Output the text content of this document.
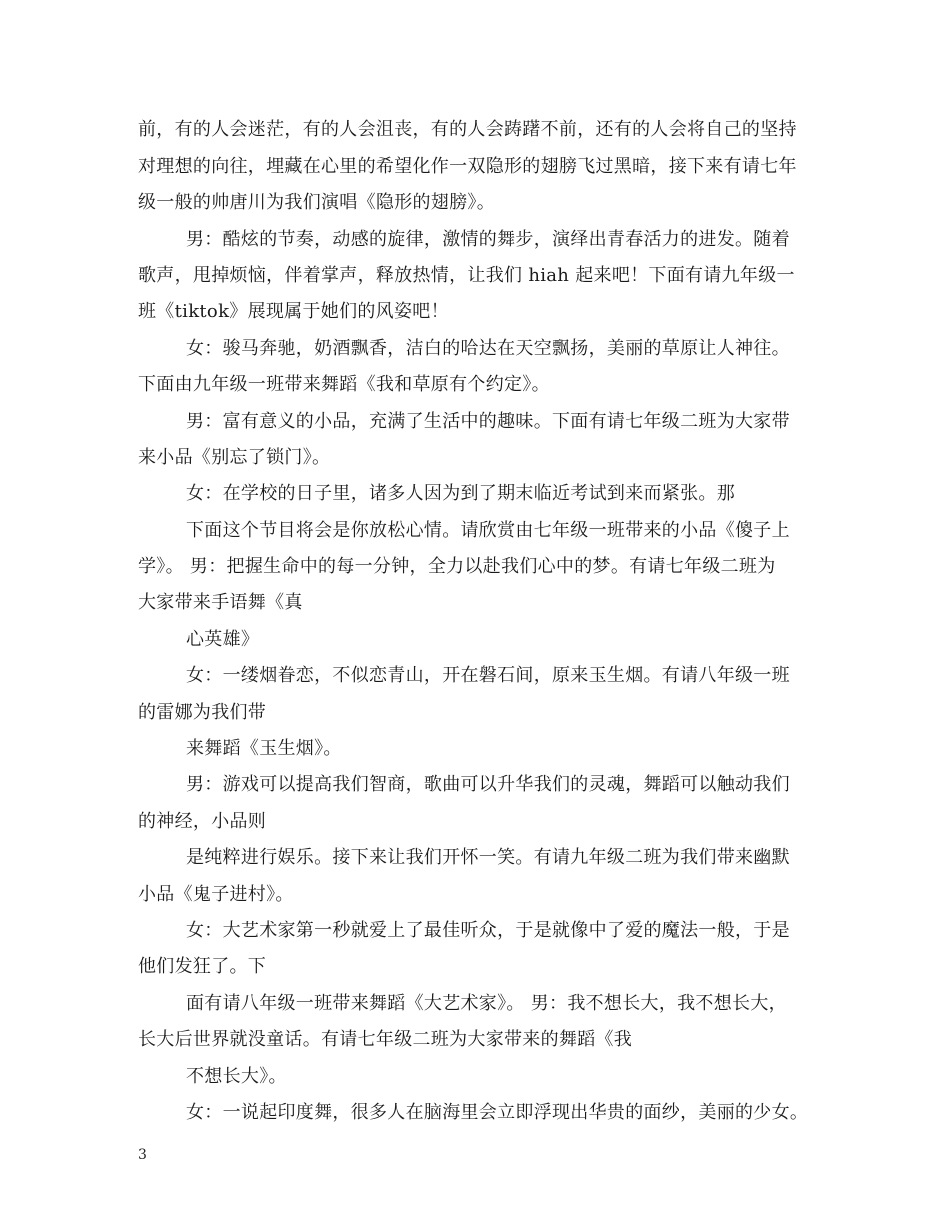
前，有的人会迷茫，有的人会沮丧，有的人会踌躇不前，还有的人会将自己的坚持
对理想的向往，埋藏在心里的希望化作一双隐形的翅膀飞过黑暗，接下来有请七年
级一般的帅唐川为我们演唱《隐形的翅膀》。
男：酷炫的节奏，动感的旋律，激情的舞步，演绎出青春活力的进发。随着
歌声，甩掉烦恼，伴着掌声，释放热情，让我们 hiah 起来吧！下面有请九年级一
班《tiktok》展现属于她们的风姿吧！
女：骏马奔驰，奶酒飘香，洁白的哈达在天空飘扬，美丽的草原让人神往。
下面由九年级一班带来舞蹈《我和草原有个约定》。
男：富有意义的小品，充满了生活中的趣味。下面有请七年级二班为大家带
来小品《别忘了锁门》。
女：在学校的日子里，诸多人因为到了期末临近考试到来而紧张。那
下面这个节目将会是你放松心情。请欣赏由七年级一班带来的小品《傻子上
学》。 男：把握生命中的每一分钟，全力以赴我们心中的梦。有请七年级二班为
大家带来手语舞《真
心英雄》
女：一缕烟眷恋，不似恋青山，开在磐石间，原来玉生烟。有请八年级一班
的雷娜为我们带
来舞蹈《玉生烟》。
男：游戏可以提高我们智商，歌曲可以升华我们的灵魂，舞蹈可以触动我们
的神经，小品则
是纯粹进行娱乐。接下来让我们开怀一笑。有请九年级二班为我们带来幽默
小品《鬼子进村》。
女：大艺术家第一秒就爱上了最佳听众，于是就像中了爱的魔法一般，于是
他们发狂了。下
面有请八年级一班带来舞蹈《大艺术家》。 男：我不想长大，我不想长大，
长大后世界就没童话。有请七年级二班为大家带来的舞蹈《我
不想长大》。
女：一说起印度舞，很多人在脑海里会立即浮现出华贵的面纱，美丽的少女。
3
